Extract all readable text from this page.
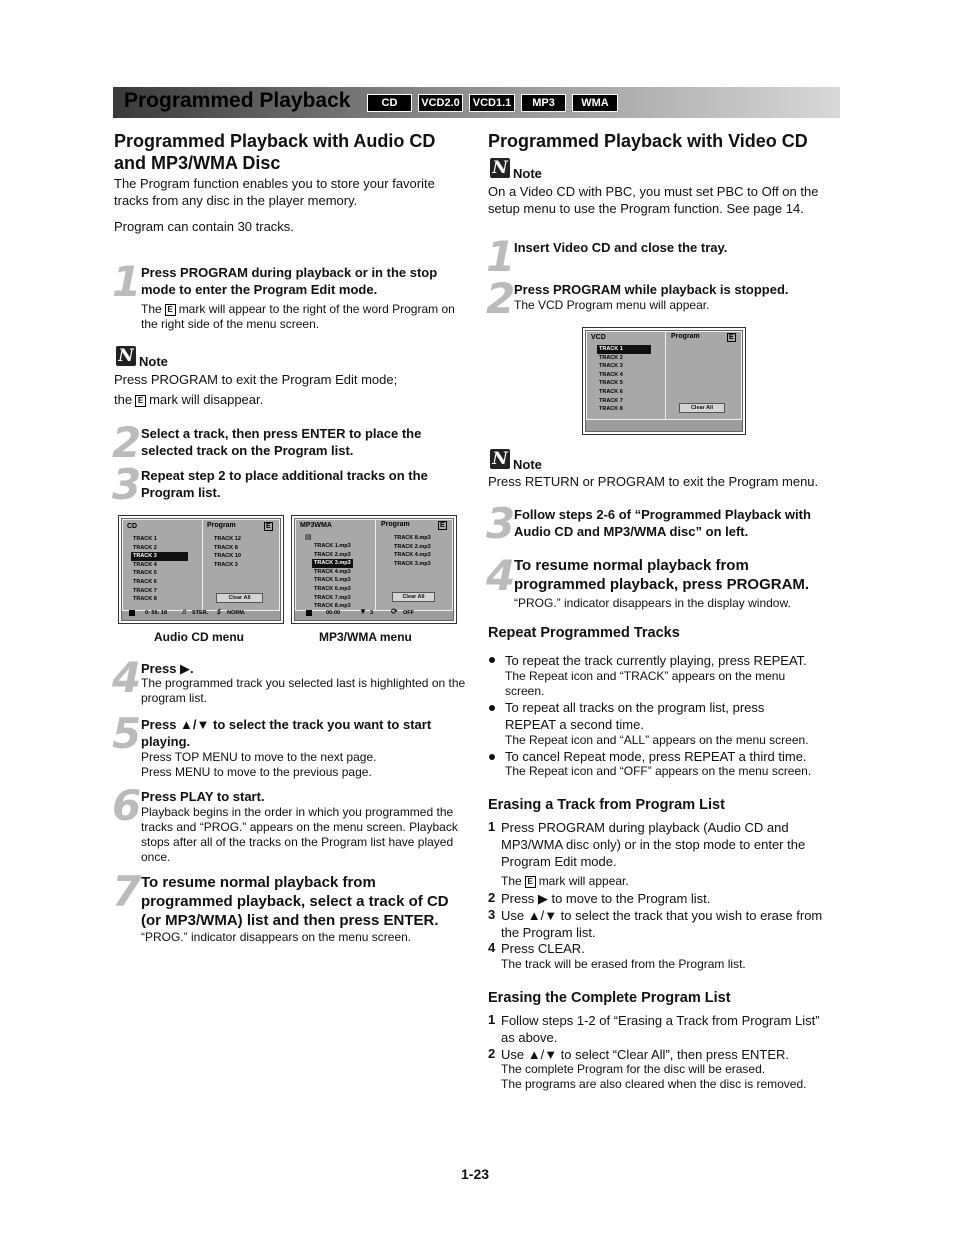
Programmed Playback	CD	VCD2.0	VCD1.1	MP3	WMA
Programmed Playback with Audio CD and MP3/WMA Disc
The Program function enables you to store your favorite tracks from any disc in the player memory.
Program can contain 30 tracks.
1 Press PROGRAM during playback or in the stop mode to enter the Program Edit mode.
The E mark will appear to the right of the word Program on the right side of the menu screen.
N Note
Press PROGRAM to exit the Program Edit mode;
the E mark will disappear.
2 Select a track, then press ENTER to place the selected track on the Program list.
3 Repeat step 2 to place additional tracks on the Program list.
CD	Program	E
TRACK 1
TRACK 2
TRACK 3
TRACK 4
TRACK 5
TRACK 6
TRACK 7
TRACK 8
TRACK 12
TRACK 8
TRACK 10
TRACK 3
Clear All
0: 56: 18 ♬ STER. ♯ NORM.
MP3WMA	Program	E
▤
TRACK 1.mp3
TRACK 2.mp3
TRACK 3.mp3
TRACK 4.mp3
TRACK 5.mp3
TRACK 6.mp3
TRACK 7.mp3
TRACK 8.mp3
TRACK 8.mp3
TRACK 2.mp3
TRACK 4.mp3
TRACK 3.mp3
Clear All
00:00 ▼ 3 ⟳ OFF
Audio CD menu	MP3/WMA menu
4 Press ▶.
The programmed track you selected last is highlighted on the program list.
5 Press ▲/▼ to select the track you want to start playing.
Press TOP MENU to move to the next page.
Press MENU to move to the previous page.
6 Press PLAY to start.
Playback begins in the order in which you programmed the tracks and “PROG.” appears on the menu screen. Playback stops after all of the tracks on the Program list have played once.
7 To resume normal playback from programmed playback, select a track of CD (or MP3/WMA) list and then press ENTER.
“PROG.” indicator disappears on the menu screen.
Programmed Playback with Video CD
N Note
On a Video CD with PBC, you must set PBC to Off on the setup menu to use the Program function. See page 14.
1 Insert Video CD and close the tray.
2 Press PROGRAM while playback is stopped.
The VCD Program menu will appear.
VCD	Program	E
TRACK 1
TRACK 2
TRACK 3
TRACK 4
TRACK 5
TRACK 6
TRACK 7
TRACK 8	Clear All
N Note
Press RETURN or PROGRAM to exit the Program menu.
3 Follow steps 2-6 of “Programmed Playback with Audio CD and MP3/WMA disc” on left.
4 To resume normal playback from programmed playback, press PROGRAM.
“PROG.” indicator disappears in the display window.
Repeat Programmed Tracks
To repeat the track currently playing, press REPEAT.
The Repeat icon and “TRACK” appears on the menu screen.
To repeat all tracks on the program list, press REPEAT a second time.
The Repeat icon and “ALL” appears on the menu screen.
To cancel Repeat mode, press REPEAT a third time.
The Repeat icon and “OFF” appears on the menu screen.
Erasing a Track from Program List
1 Press PROGRAM during playback (Audio CD and MP3/WMA disc only) or in the stop mode to enter the Program Edit mode.
The E mark will appear.
2 Press ▶ to move to the Program list.
3 Use ▲/▼ to select the track that you wish to erase from the Program list.
4 Press CLEAR.
The track will be erased from the Program list.
Erasing the Complete Program List
1 Follow steps 1-2 of “Erasing a Track from Program List” as above.
2 Use ▲/▼ to select “Clear All”, then press ENTER.
The complete Program for the disc will be erased.
The programs are also cleared when the disc is removed.
1-23
